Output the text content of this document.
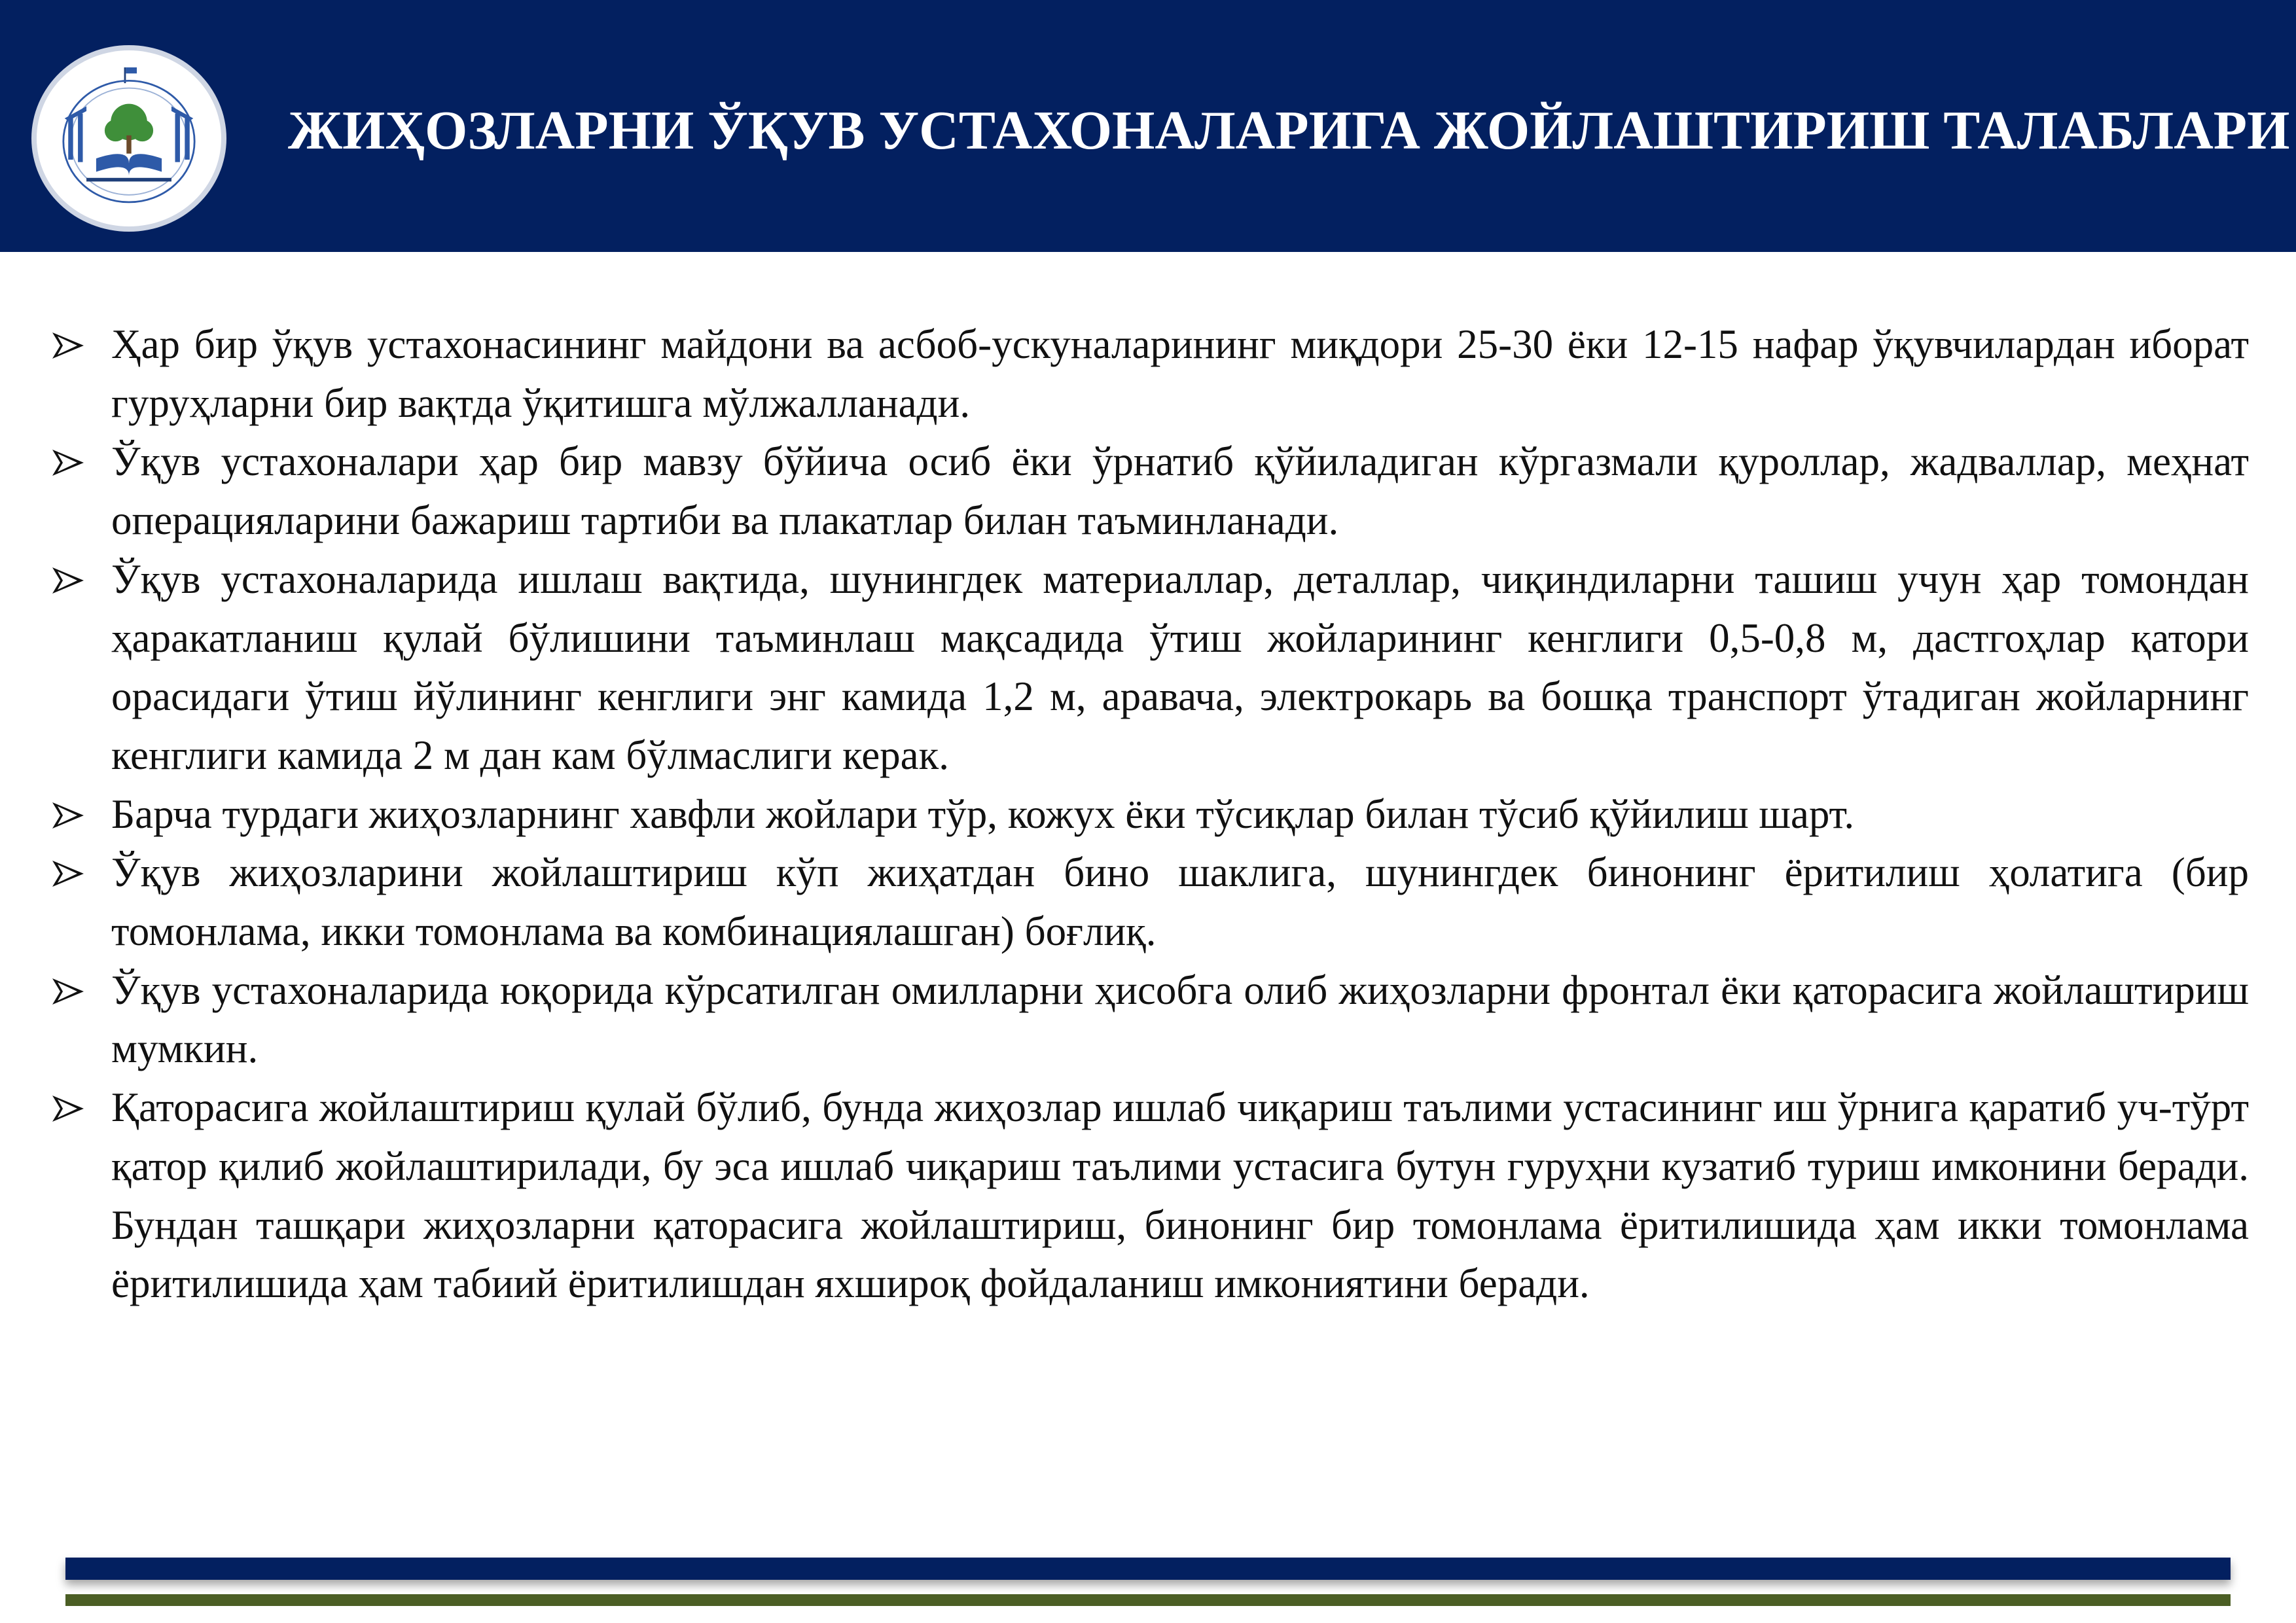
ЖИҲОЗЛАРНИ ЎҚУВ УСТАХОНАЛАРИГА ЖОЙЛАШТИРИШ ТАЛАБЛАРИ
Ҳар бир ўқув устахонасининг майдони ва асбоб-ускуналарининг миқдори 25-30 ёки 12-15 нафар ўқувчилардан иборат гуруҳларни бир вақтда ўқитишга мўлжалланади.
Ўқув устахоналари ҳар бир мавзу бўйича осиб ёки ўрнатиб қўйиладиган кўргазмали қуроллар, жадваллар, меҳнат операцияларини бажариш тартиби ва плакатлар билан таъминланади.
Ўқув устахоналарида ишлаш вақтида, шунингдек материаллар, деталлар, чиқиндиларни ташиш учун ҳар томондан ҳаракатланиш қулай бўлишини таъминлаш мақсадида ўтиш жойларининг кенглиги 0,5-0,8 м, дастгоҳлар қатори орасидаги ўтиш йўлининг кенглиги энг камида 1,2 м, аравача, электрокарь ва бошқа транспорт ўтадиган жойларнинг кенглиги камида 2 м дан кам бўлмаслиги керак.
Барча турдаги жиҳозларнинг хавфли жойлари тўр, кожух ёки тўсиқлар билан тўсиб қўйилиш шарт.
Ўқув жиҳозларини жойлаштириш кўп жиҳатдан бино шаклига, шунингдек бинонинг ёритилиш ҳолатига (бир томонлама, икки томонлама ва комбинациялашган) боғлиқ.
Ўқув устахоналарида юқорида кўрсатилган омилларни ҳисобга олиб жиҳозларни фронтал ёки қаторасига жойлаштириш мумкин.
Қаторасига жойлаштириш қулай бўлиб, бунда жиҳозлар ишлаб чиқариш таълими устасининг иш ўрнига қаратиб уч-тўрт қатор қилиб жойлаштирилади, бу эса ишлаб чиқариш таълими устасига бутун гуруҳни кузатиб туриш имконини беради. Бундан ташқари жиҳозларни қаторасига жойлаштириш, бинонинг бир томонлама ёритилишида ҳам икки томонлама ёритилишида ҳам табиий ёритилишдан яхшироқ фойдаланиш имкониятини беради.
